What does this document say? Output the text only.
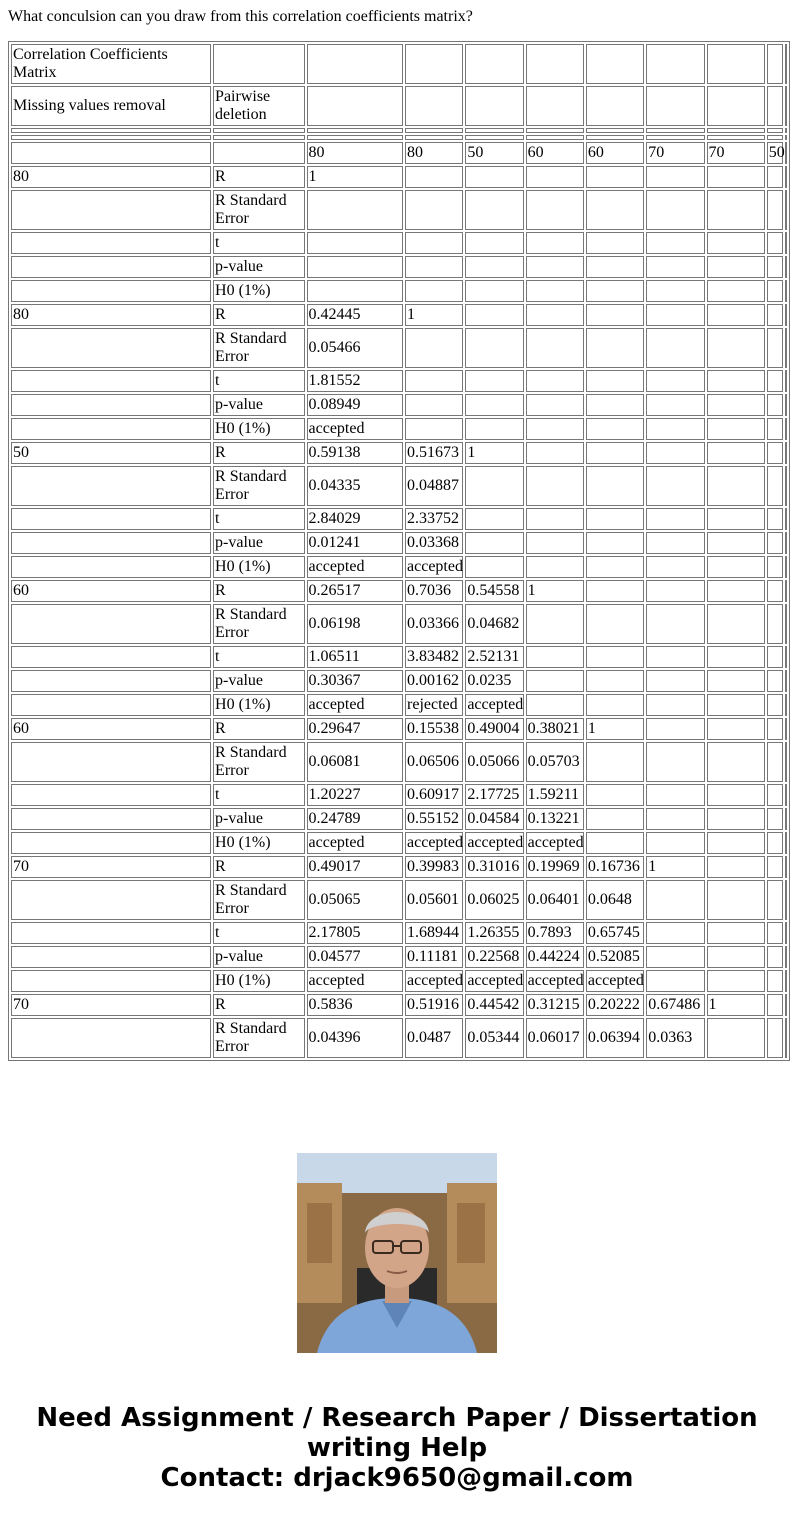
What conculsion can you draw from this correlation coefficients matrix?
Correlation Coefficients Matrix										
Missing values removal	Pairwise deletion									

		80	80	50	60	60	70	70	50	
80	R	1								
	R Standard Error									
	t									
	p-value									
	H0 (1%)									
80	R	0.42445	1							
	R Standard Error	0.05466								
	t	1.81552								
	p-value	0.08949								
	H0 (1%)	accepted								
50	R	0.59138	0.51673	1						
	R Standard Error	0.04335	0.04887							
	t	2.84029	2.33752							
	p-value	0.01241	0.03368							
	H0 (1%)	accepted	accepted							
60	R	0.26517	0.7036	0.54558	1					
	R Standard Error	0.06198	0.03366	0.04682						
	t	1.06511	3.83482	2.52131						
	p-value	0.30367	0.00162	0.0235						
	H0 (1%)	accepted	rejected	accepted						
60	R	0.29647	0.15538	0.49004	0.38021	1				
	R Standard Error	0.06081	0.06506	0.05066	0.05703					
	t	1.20227	0.60917	2.17725	1.59211					
	p-value	0.24789	0.55152	0.04584	0.13221					
	H0 (1%)	accepted	accepted	accepted	accepted					
70	R	0.49017	0.39983	0.31016	0.19969	0.16736	1			
	R Standard Error	0.05065	0.05601	0.06025	0.06401	0.0648				
	t	2.17805	1.68944	1.26355	0.7893	0.65745				
	p-value	0.04577	0.11181	0.22568	0.44224	0.52085				
	H0 (1%)	accepted	accepted	accepted	accepted	accepted				
70	R	0.5836	0.51916	0.44542	0.31215	0.20222	0.67486	1		
	R Standard Error	0.04396	0.0487	0.05344	0.06017	0.06394	0.0363			
Need Assignment / Research Paper / Dissertation
writing Help
Contact: drjack9650@gmail.com
